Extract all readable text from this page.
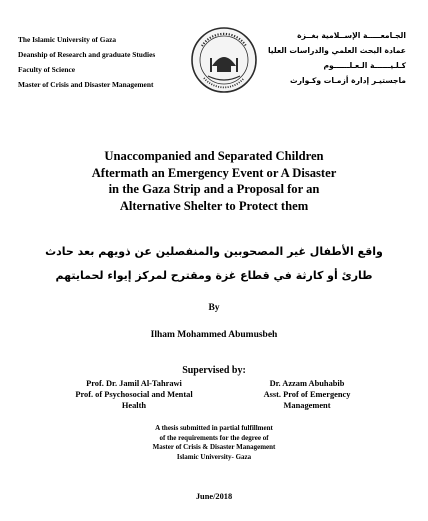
The Islamic University of Gaza
Deanship of Research and graduate Studies
Faculty of Science
Master of Crisis and Disaster Management
الجـامعـــــة الإســلامية بغــزة
عمادة البحث العلمي والدراسات العليا
كـلـيــــــة الـعـلــــــوم
ماجستيـر إدارة أزمـات وكـوارث
Unaccompanied and Separated Children
Aftermath an Emergency Event or A Disaster
in the Gaza Strip and a Proposal for an
Alternative Shelter to Protect them
واقع الأطفال غير المصحوبين والمنفصلين عن ذويهم بعد حادث
طارئ أو كارثة في قطاع غزة ومقترح لمركز إيواء لحمايتهم
By
Ilham Mohammed Abumusbeh
Supervised by:
Prof. Dr. Jamil Al-Tahrawi
Prof. of Psychosocial and Mental
Health
Dr. Azzam Abuhabib
Asst. Prof of Emergency
Management
A thesis submitted in partial fulfillment
of the requirements for the degree of
Master of Crisis & Disaster Management
Islamic University- Gaza
June/2018
